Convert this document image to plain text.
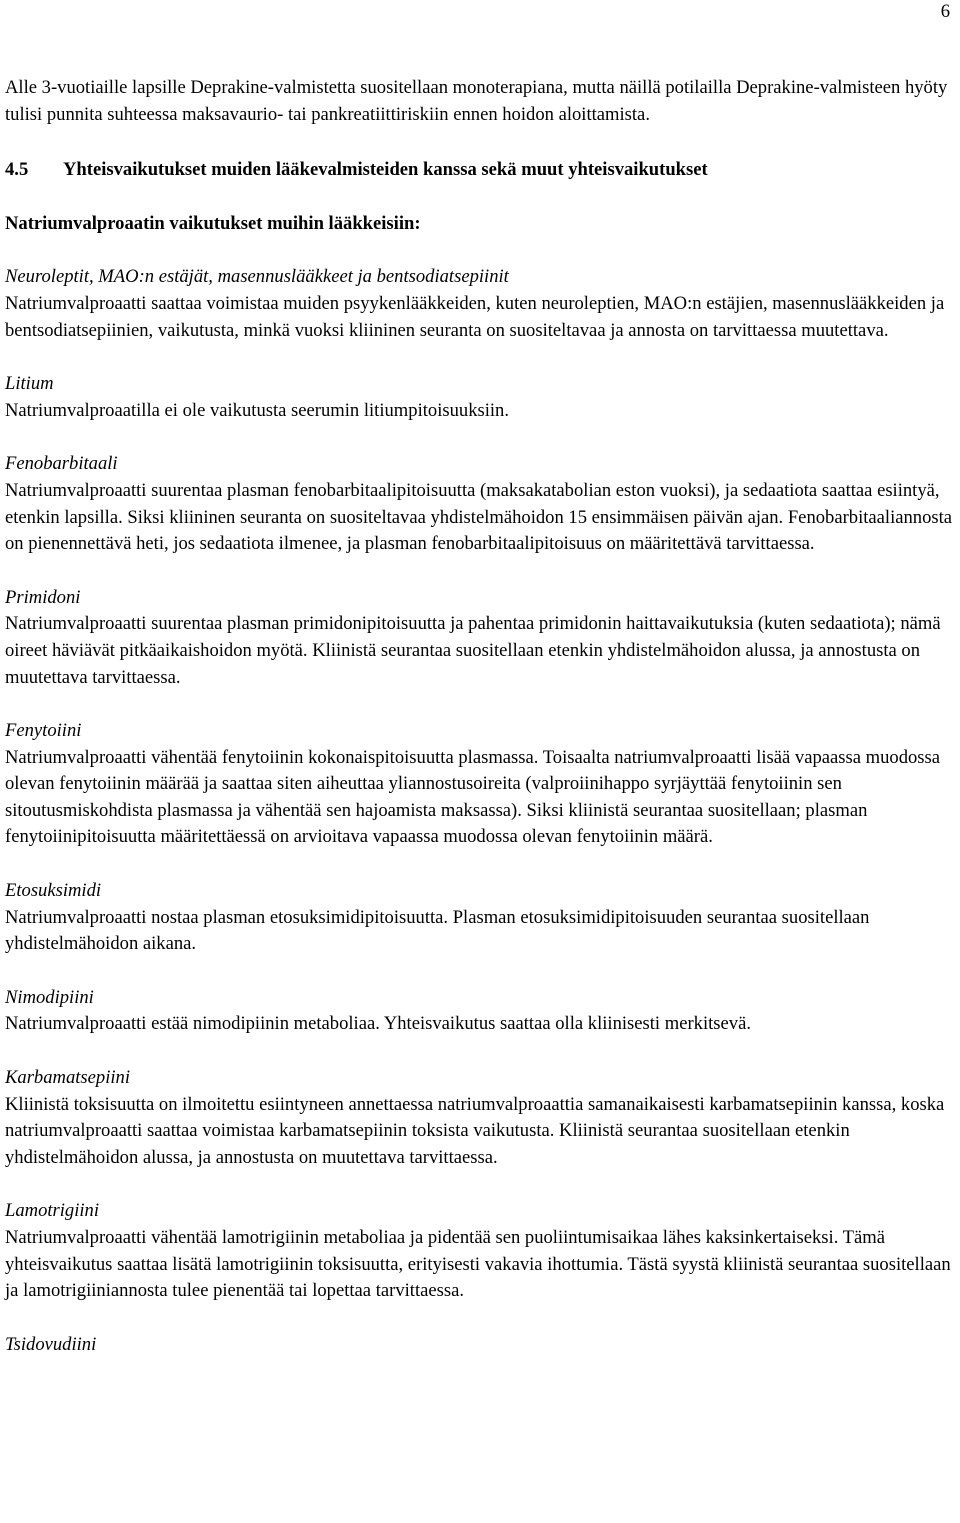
6

Alle 3-vuotiaille lapsille Deprakine-valmistetta suositellaan monoterapiana, mutta näillä potilailla Deprakine-valmisteen hyöty tulisi punnita suhteessa maksavaurio- tai pankreatiittiriskiin ennen hoidon aloittamista.

4.5 Yhteisvaikutukset muiden lääkevalmisteiden kanssa sekä muut yhteisvaikutukset

Natriumvalproaatin vaikutukset muihin lääkkeisiin:

Neuroleptit, MAO:n estäjät, masennuslääkkeet ja bentsodiatsepiinit

Natriumvalproaatti saattaa voimistaa muiden psyykenlääkkeiden, kuten neuroleptien, MAO:n estäjien, masennuslääkkeiden ja bentsodiatsepiinien, vaikutusta, minkä vuoksi kliininen seuranta on suositeltavaa ja annosta on tarvittaessa muutettava.

Litium

Natriumvalproaatilla ei ole vaikutusta seerumin litiumpitoisuuksiin.

Fenobarbitaali

Natriumvalproaatti suurentaa plasman fenobarbitaalipitoisuutta (maksakatabolian eston vuoksi), ja sedaatiota saattaa esiintyä, etenkin lapsilla. Siksi kliininen seuranta on suositeltavaa yhdistelmähoidon 15 ensimmäisen päivän ajan. Fenobarbitaaliannosta on pienennettävä heti, jos sedaatiota ilmenee, ja plasman fenobarbitaalipitoisuus on määritettävä tarvittaessa.

Primidoni

Natriumvalproaatti suurentaa plasman primidonipitoisuutta ja pahentaa primidonin haittavaikutuksia (kuten sedaatiota); nämä oireet häviävät pitkäaikaishoidon myötä. Kliinistä seurantaa suositellaan etenkin yhdistelmähoidon alussa, ja annostusta on muutettava tarvittaessa.

Fenytoiini

Natriumvalproaatti vähentää fenytoiinin kokonaispitoisuutta plasmassa. Toisaalta natriumvalproaatti lisää vapaassa muodossa olevan fenytoiinin määrää ja saattaa siten aiheuttaa yliannostusoireita (valproiinihappo syrjäyttää fenytoiinin sen sitoutusmiskohdista plasmassa ja vähentää sen hajoamista maksassa). Siksi kliinistä seurantaa suositellaan; plasman fenytoiinipitoisuutta määritettäessä on arvioitava vapaassa muodossa olevan fenytoiinin määrä.

Etosuksimidi

Natriumvalproaatti nostaa plasman etosuksimidipitoisuutta. Plasman etosuksimidipitoisuuden seurantaa suositellaan yhdistelmähoidon aikana.

Nimodipiini

Natriumvalproaatti estää nimodipiinin metaboliaa. Yhteisvaikutus saattaa olla kliinisesti merkitsevä.

Karbamatsepiini

Kliinistä toksisuutta on ilmoitettu esiintyneen annettaessa natriumvalproaattia samanaikaisesti karbamatsepiinin kanssa, koska natriumvalproaatti saattaa voimistaa karbamatsepiinin toksista vaikutusta. Kliinistä seurantaa suositellaan etenkin yhdistelmähoidon alussa, ja annostusta on muutettava tarvittaessa.

Lamotrigiini

Natriumvalproaatti vähentää lamotrigiinin metaboliaa ja pidentää sen puoliintumisaikaa lähes kaksinkertaiseksi. Tämä yhteisvaikutus saattaa lisätä lamotrigiinin toksisuutta, erityisesti vakavia ihottumia. Tästä syystä kliinistä seurantaa suositellaan ja lamotrigiiniannosta tulee pienentää tai lopettaa tarvittaessa.

Tsidovudiini
